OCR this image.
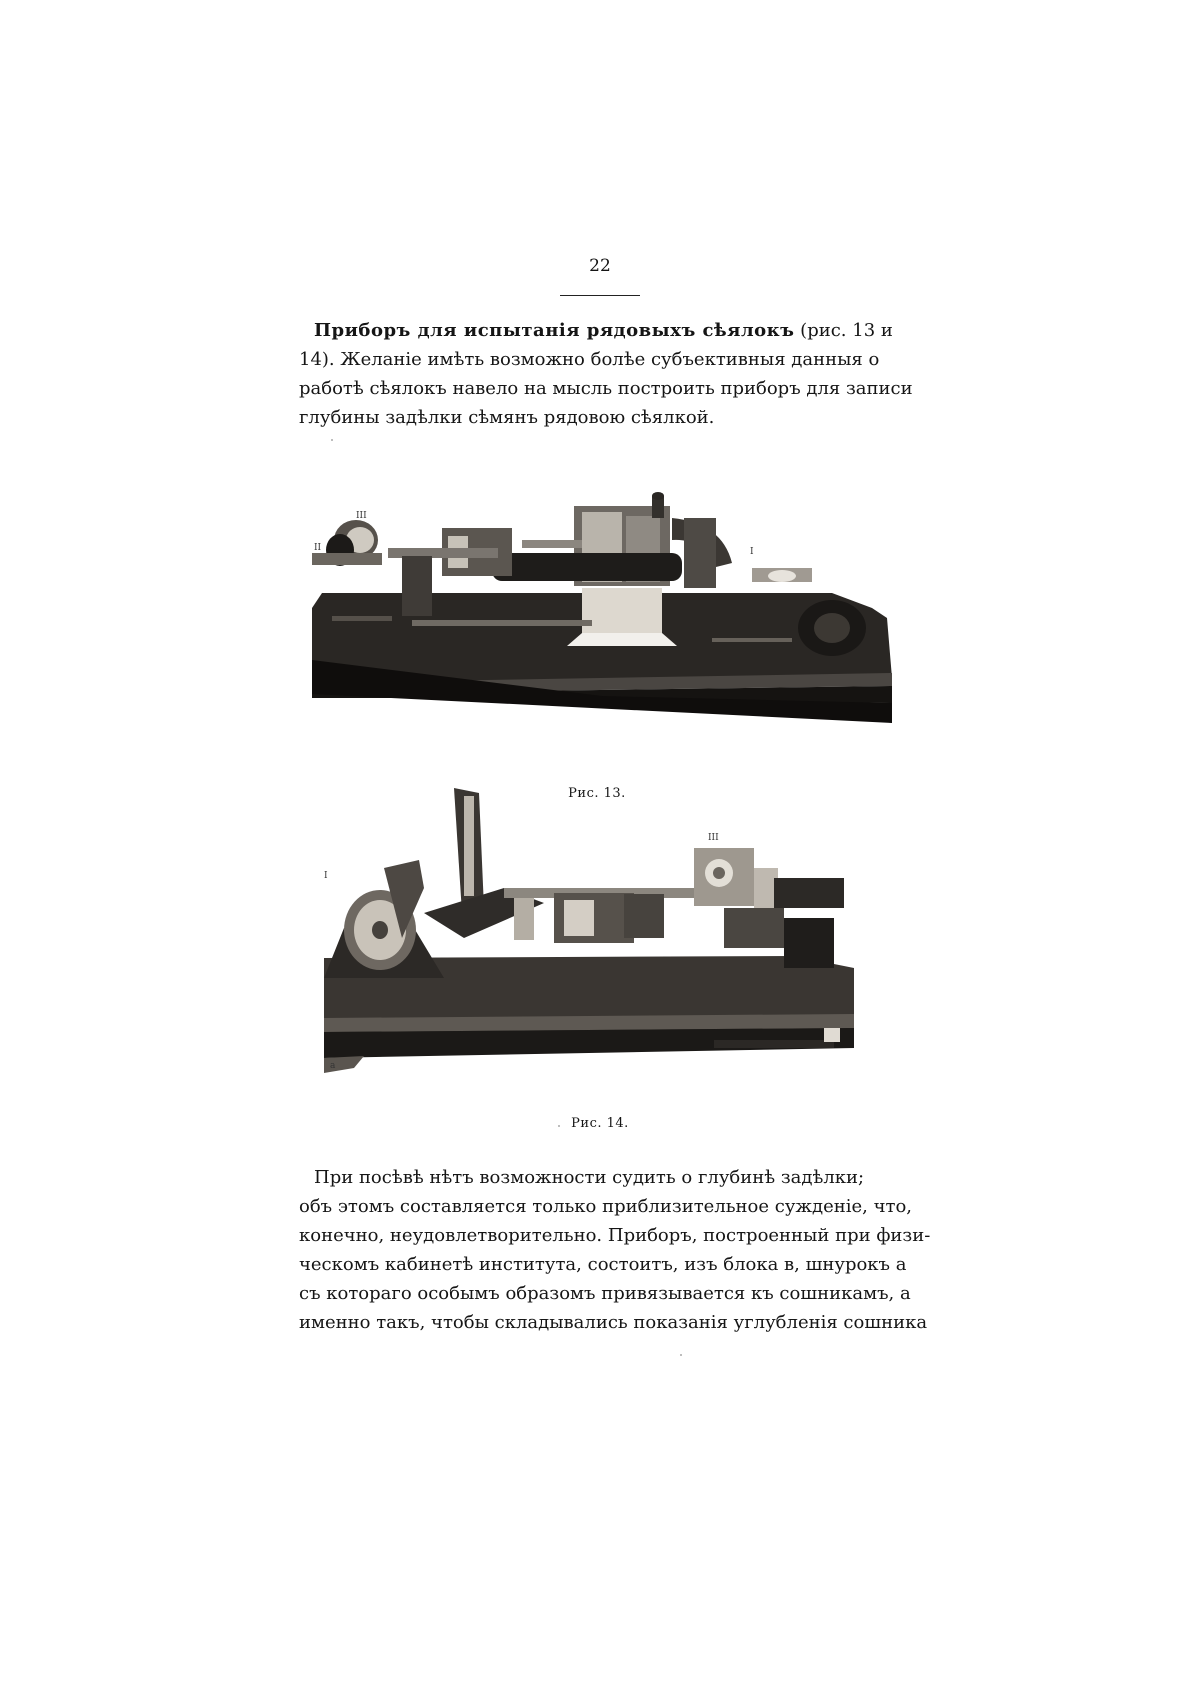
22
Приборъ для испытанія рядовыхъ сѣялокъ (рис. 13 и
14). Желаніе имѣть возможно болѣе субъективныя данныя о
работѣ сѣялокъ навело на мысль построить приборъ для записи
глубины задѣлки сѣмянъ рядовою сѣялкой.
III
II	I
Рис. 13.
I
III
a
Рис. 14.
При посѣвѣ нѣтъ возможности судить о глубинѣ задѣлки;
объ этомъ составляется только приблизительное сужденіе, что,
конечно, неудовлетворительно. Приборъ, построенный при физи-
ческомъ кабинетѣ института, состоитъ, изъ блока в, шнурокъ а
съ котораго особымъ образомъ привязывается къ сошникамъ, а
именно такъ, чтобы складывались показанія углубленія сошника
